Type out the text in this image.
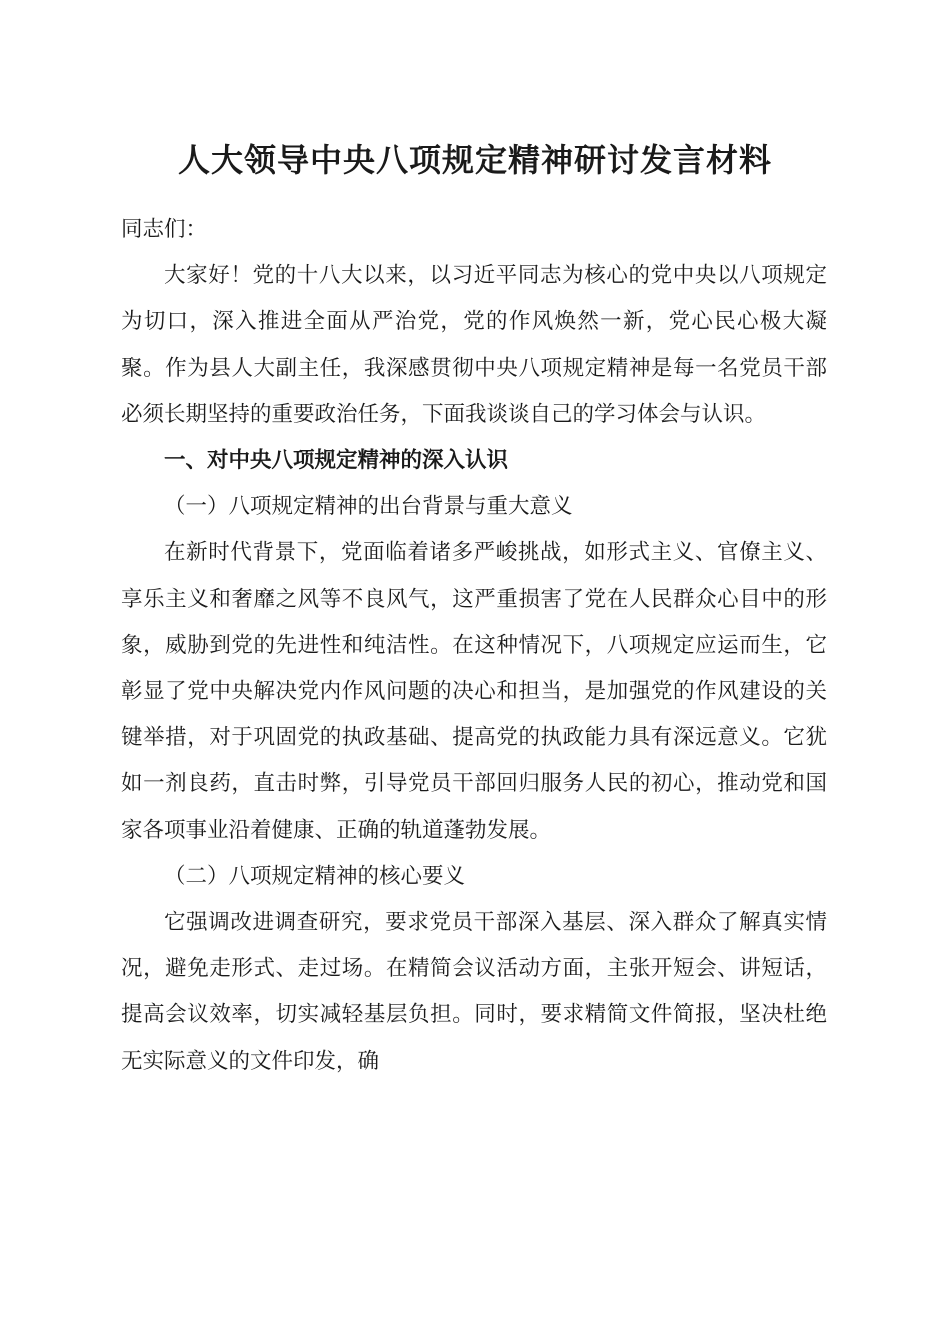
人大领导中央八项规定精神研讨发言材料

同志们：

大家好！党的十八大以来，以习近平同志为核心的党中央以八项规定为切口，深入推进全面从严治党，党的作风焕然一新，党心民心极大凝聚。作为县人大副主任，我深感贯彻中央八项规定精神是每一名党员干部必须长期坚持的重要政治任务，下面我谈谈自己的学习体会与认识。

一、对中央八项规定精神的深入认识

（一）八项规定精神的出台背景与重大意义

在新时代背景下，党面临着诸多严峻挑战，如形式主义、官僚主义、享乐主义和奢靡之风等不良风气，这严重损害了党在人民群众心目中的形象，威胁到党的先进性和纯洁性。在这种情况下，八项规定应运而生，它彰显了党中央解决党内作风问题的决心和担当，是加强党的作风建设的关键举措，对于巩固党的执政基础、提高党的执政能力具有深远意义。它犹如一剂良药，直击时弊，引导党员干部回归服务人民的初心，推动党和国家各项事业沿着健康、正确的轨道蓬勃发展。

（二）八项规定精神的核心要义

它强调改进调查研究，要求党员干部深入基层、深入群众了解真实情况，避免走形式、走过场。在精简会议活动方面，主张开短会、讲短话，提高会议效率，切实减轻基层负担。同时，要求精简文件简报，坚决杜绝无实际意义的文件印发，确
